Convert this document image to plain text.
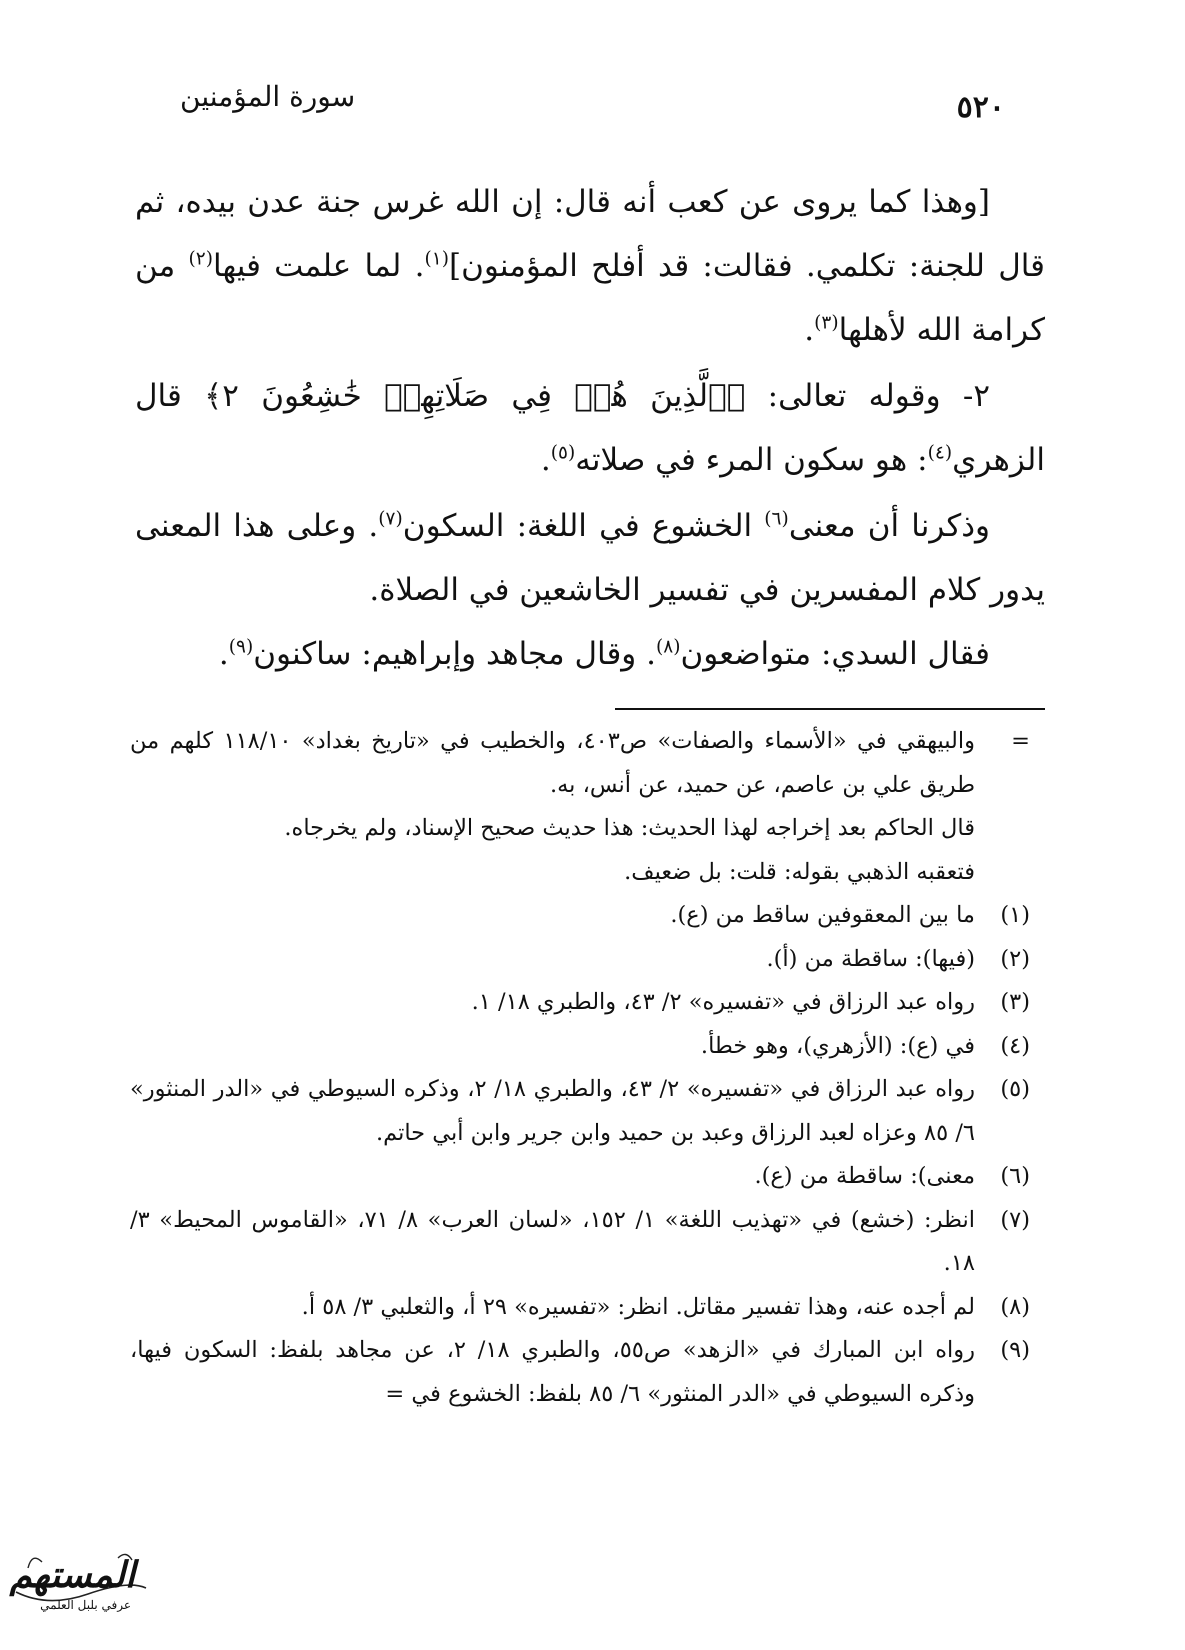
٥٢٠
سورة المؤمنين

[وهذا كما يروى عن كعب أنه قال: إن الله غرس جنة عدن بيده، ثم قال للجنة: تكلمي. فقالت: قد أفلح المؤمنون]$^{(١)}$. لما علمت فيها$^{(٢)}$ من كرامة الله لأهلها$^{(٣)}$.

٢- وقوله تعالى: ﴿ٱلَّذِينَ هُمۡ فِي صَلَاتِهِمۡ خَٰشِعُونَ ٢﴾ قال الزهري$^{(٤)}$: هو سكون المرء في صلاته$^{(٥)}$.

وذكرنا أن معنى$^{(٦)}$ الخشوع في اللغة: السكون$^{(٧)}$. وعلى هذا المعنى يدور كلام المفسرين في تفسير الخاشعين في الصلاة.

فقال السدي: متواضعون$^{(٨)}$. وقال مجاهد وإبراهيم: ساكنون$^{(٩)}$.

=
والبيهقي في «الأسماء والصفات» ص٤٠٣، والخطيب في «تاريخ بغداد» ١١٨/١٠ كلهم من طريق علي بن عاصم، عن حميد، عن أنس، به.

قال الحاكم بعد إخراجه لهذا الحديث: هذا حديث صحيح الإسناد، ولم يخرجاه.

فتعقبه الذهبي بقوله: قلت: بل ضعيف.

(١)
ما بين المعقوفين ساقط من (ع).

(٢)
(فيها): ساقطة من (أ).

(٣)
رواه عبد الرزاق في «تفسيره» ٢/ ٤٣، والطبري ١٨/ ١.

(٤)
في (ع): (الأزهري)، وهو خطأ.

(٥)
رواه عبد الرزاق في «تفسيره» ٢/ ٤٣، والطبري ١٨/ ٢، وذكره السيوطي في «الدر المنثور» ٦/ ٨٥ وعزاه لعبد الرزاق وعبد بن حميد وابن جرير وابن أبي حاتم.

(٦)
معنى): ساقطة من (ع).

(٧)
انظر: (خشع) في «تهذيب اللغة» ١/ ١٥٢، «لسان العرب» ٨/ ٧١، «القاموس المحيط» ٣/ ١٨.

(٨)
لم أجده عنه، وهذا تفسير مقاتل. انظر: «تفسيره» ٢٩ أ، والثعلبي ٣/ ٥٨ أ.

(٩)
رواه ابن المبارك في «الزهد» ص٥٥، والطبري ١٨/ ٢، عن مجاهد بلفظ: السكون فيها، وذكره السيوطي في «الدر المنثور» ٦/ ٨٥ بلفظ: الخشوع في =

المستهم
عرفي بلبل العلمي
